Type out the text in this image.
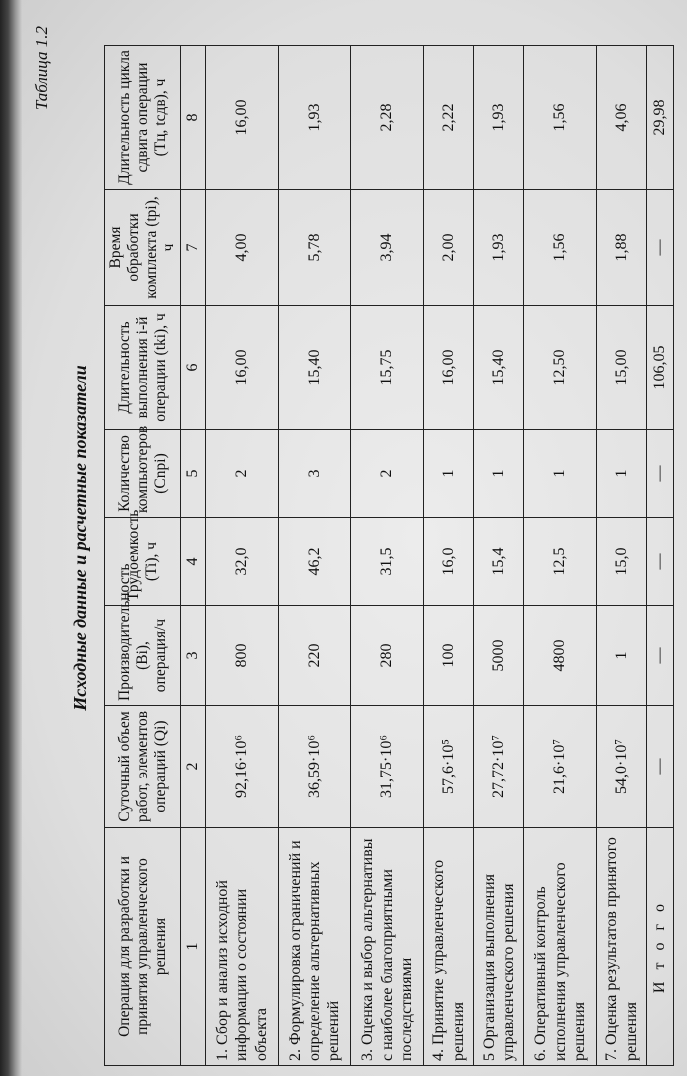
Таблица 1.2
Исходные данные и расчетные показатели
Операция для разработки и принятия управленческого решения	Суточный объем работ, элементов операций (Qi)	Производительность (Bi), операция/ч	Трудоемкость (Ti), ч	Количество компьютеров (Cnpi)	Длительность выполнения i-й операции (tki), ч	Время обработки комплекта (tpi), ч	Длительность цикла сдвига операции (Tц, tсдв), ч
1	2	3	4	5	6	7	8
1. Сбор и анализ исходной информации о состоянии объекта	92,16·10⁶	800	32,0	2	16,00	4,00	16,00
2. Формулировка ограничений и определение альтернативных решений	36,59·10⁶	220	46,2	3	15,40	5,78	1,93
3. Оценка и выбор альтернативы с наиболее благоприятными последствиями	31,75·10⁶	280	31,5	2	15,75	3,94	2,28
4. Принятие управленческого решения	57,6·10⁵	100	16,0	1	16,00	2,00	2,22
5 Организация выполнения управленческого решения	27,72·10⁷	5000	15,4	1	15,40	1,93	1,93
6. Оперативный контроль исполнения управленческого решения	21,6·10⁷	4800	12,5	1	12,50	1,56	1,56
7. Оценка результатов принятого решения	54,0·10⁷	1	15,0	1	15,00	1,88	4,06
И т о г о	—	—	—	—	106,05	—	29,98
